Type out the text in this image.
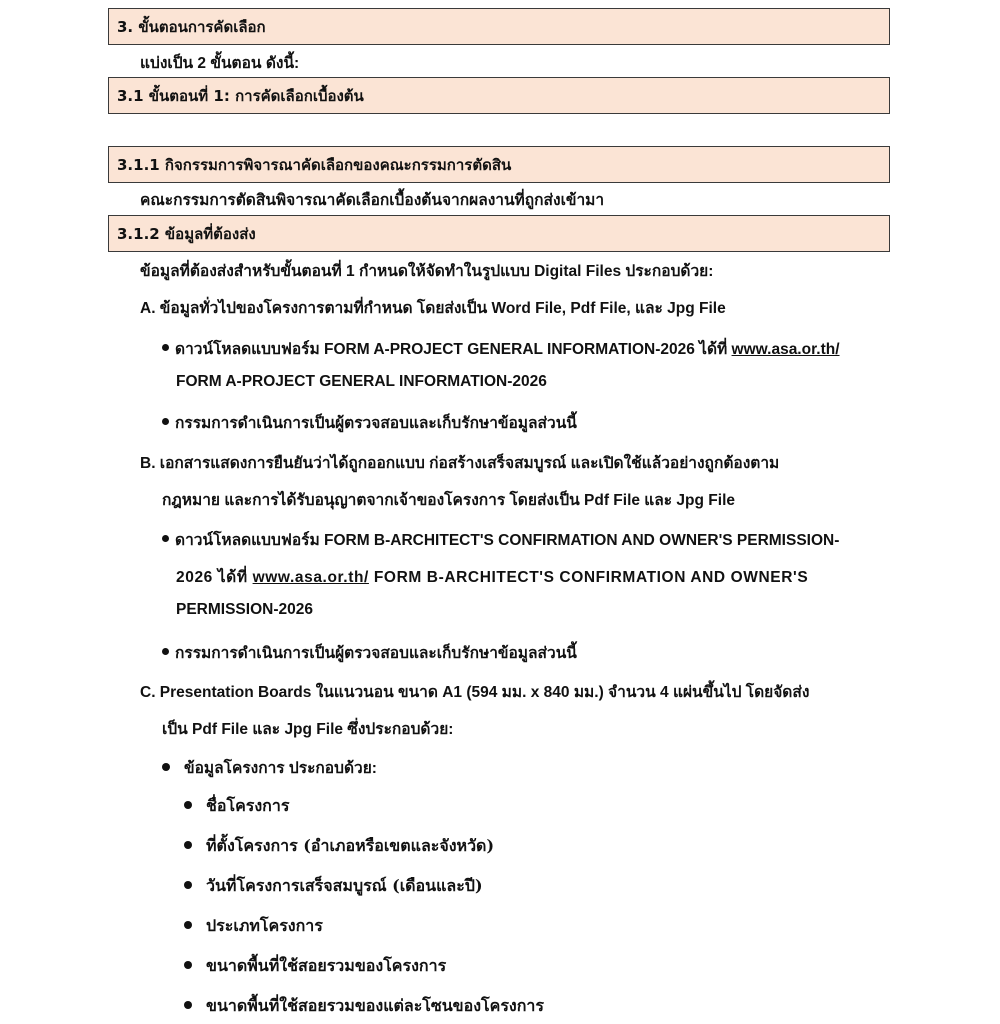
3. ขั้นตอนการคัดเลือก
แบ่งเป็น 2 ขั้นตอน ดังนี้:
3.1 ขั้นตอนที่ 1: การคัดเลือกเบื้องต้น
3.1.1 กิจกรรมการพิจารณาคัดเลือกของคณะกรรมการตัดสิน
คณะกรรมการตัดสินพิจารณาคัดเลือกเบื้องต้นจากผลงานที่ถูกส่งเข้ามา
3.1.2 ข้อมูลที่ต้องส่ง
ข้อมูลที่ต้องส่งสำหรับขั้นตอนที่ 1 กำหนดให้จัดทำในรูปแบบ Digital Files ประกอบด้วย:
A. ข้อมูลทั่วไปของโครงการตามที่กำหนด โดยส่งเป็น Word File, Pdf File, และ Jpg File
ดาวน์โหลดแบบฟอร์ม FORM A-PROJECT GENERAL INFORMATION-2026 ได้ที่ www.asa.or.th/
FORM A-PROJECT GENERAL INFORMATION-2026
กรรมการดำเนินการเป็นผู้ตรวจสอบและเก็บรักษาข้อมูลส่วนนี้
B. เอกสารแสดงการยืนยันว่าได้ถูกออกแบบ ก่อสร้างเสร็จสมบูรณ์ และเปิดใช้แล้วอย่างถูกต้องตาม
กฎหมาย และการได้รับอนุญาตจากเจ้าของโครงการ โดยส่งเป็น Pdf File และ Jpg File
ดาวน์โหลดแบบฟอร์ม FORM B-ARCHITECT'S CONFIRMATION AND OWNER'S PERMISSION-
2026 ได้ที่ www.asa.or.th/ FORM B-ARCHITECT'S CONFIRMATION AND OWNER'S
PERMISSION-2026
กรรมการดำเนินการเป็นผู้ตรวจสอบและเก็บรักษาข้อมูลส่วนนี้
C. Presentation Boards ในแนวนอน ขนาด A1 (594 มม. x 840 มม.) จำนวน 4 แผ่นขึ้นไป โดยจัดส่ง
เป็น Pdf File และ Jpg File ซึ่งประกอบด้วย:
ข้อมูลโครงการ ประกอบด้วย:
ชื่อโครงการ
ที่ตั้งโครงการ (อำเภอหรือเขตและจังหวัด)
วันที่โครงการเสร็จสมบูรณ์ (เดือนและปี)
ประเภทโครงการ
ขนาดพื้นที่ใช้สอยรวมของโครงการ
ขนาดพื้นที่ใช้สอยรวมของแต่ละโซนของโครงการ
